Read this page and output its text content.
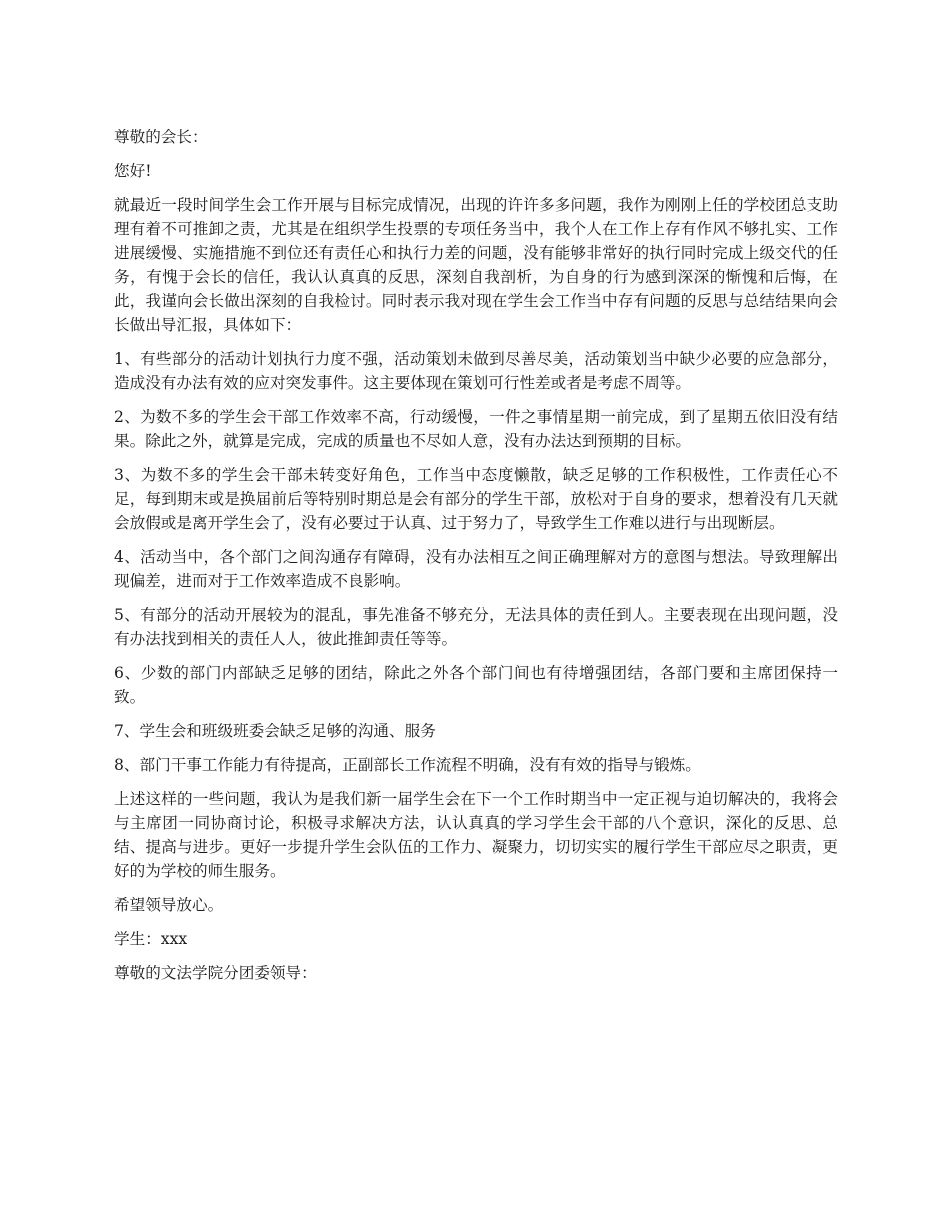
尊敬的会长：

您好!

就最近一段时间学生会工作开展与目标完成情况，出现的许许多多问题，我作为刚刚上任的学校团总支助理有着不可推卸之责，尤其是在组织学生投票的专项任务当中，我个人在工作上存有作风不够扎实、工作进展缓慢、实施措施不到位还有责任心和执行力差的问题，没有能够非常好的执行同时完成上级交代的任务，有愧于会长的信任，我认认真真的反思，深刻自我剖析，为自身的行为感到深深的惭愧和后悔，在此，我谨向会长做出深刻的自我检讨。同时表示我对现在学生会工作当中存有问题的反思与总结结果向会长做出导汇报，具体如下：

1、有些部分的活动计划执行力度不强，活动策划未做到尽善尽美，活动策划当中缺少必要的应急部分，造成没有办法有效的应对突发事件。这主要体现在策划可行性差或者是考虑不周等。

2、为数不多的学生会干部工作效率不高，行动缓慢，一件之事情星期一前完成，到了星期五依旧没有结果。除此之外，就算是完成，完成的质量也不尽如人意，没有办法达到预期的目标。

3、为数不多的学生会干部未转变好角色，工作当中态度懒散，缺乏足够的工作积极性，工作责任心不足，每到期末或是换届前后等特别时期总是会有部分的学生干部，放松对于自身的要求，想着没有几天就会放假或是离开学生会了，没有必要过于认真、过于努力了，导致学生工作难以进行与出现断层。

4、活动当中，各个部门之间沟通存有障碍，没有办法相互之间正确理解对方的意图与想法。导致理解出现偏差，进而对于工作效率造成不良影响。

5、有部分的活动开展较为的混乱，事先准备不够充分，无法具体的责任到人。主要表现在出现问题，没有办法找到相关的责任人人，彼此推卸责任等等。

6、少数的部门内部缺乏足够的团结，除此之外各个部门间也有待增强团结，各部门要和主席团保持一致。

7、学生会和班级班委会缺乏足够的沟通、服务

8、部门干事工作能力有待提高，正副部长工作流程不明确，没有有效的指导与锻炼。

上述这样的一些问题，我认为是我们新一届学生会在下一个工作时期当中一定正视与迫切解决的，我将会与主席团一同协商讨论，积极寻求解决方法，认认真真的学习学生会干部的八个意识，深化的反思、总结、提高与进步。更好一步提升学生会队伍的工作力、凝聚力，切切实实的履行学生干部应尽之职责，更好的为学校的师生服务。

希望领导放心。

学生：xxx

尊敬的文法学院分团委领导：
